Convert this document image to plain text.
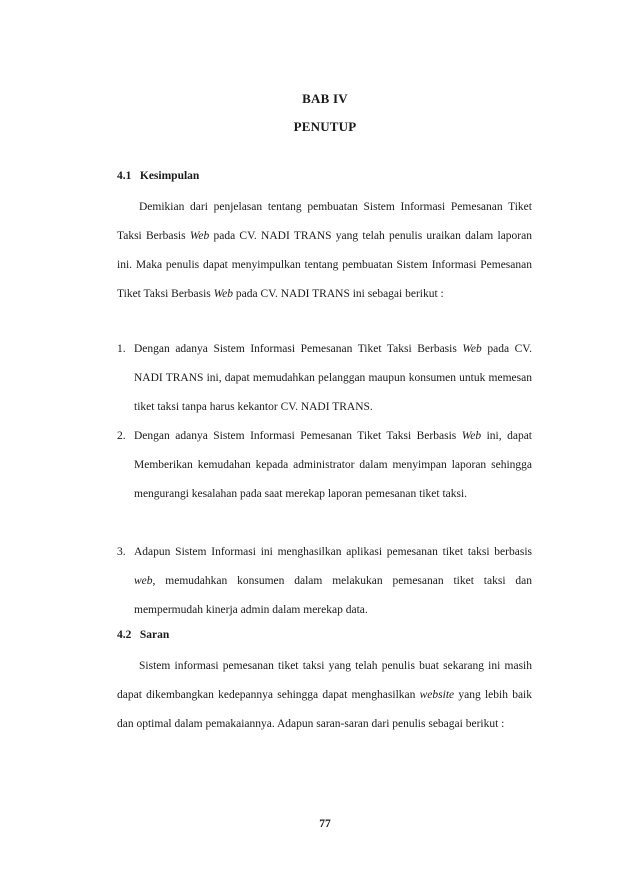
BAB IV
PENUTUP
4.1 Kesimpulan
Demikian dari penjelasan tentang pembuatan Sistem Informasi Pemesanan Tiket Taksi Berbasis Web pada CV. NADI TRANS yang telah penulis uraikan dalam laporan ini. Maka penulis dapat menyimpulkan tentang pembuatan Sistem Informasi Pemesanan Tiket Taksi Berbasis Web pada CV. NADI TRANS ini sebagai berikut :
1. Dengan adanya Sistem Informasi Pemesanan Tiket Taksi Berbasis Web pada CV. NADI TRANS ini, dapat memudahkan pelanggan maupun konsumen untuk memesan tiket taksi tanpa harus kekantor CV. NADI TRANS.
2. Dengan adanya Sistem Informasi Pemesanan Tiket Taksi Berbasis Web ini, dapat Memberikan kemudahan kepada administrator dalam menyimpan laporan sehingga mengurangi kesalahan pada saat merekap laporan pemesanan tiket taksi.
3. Adapun Sistem Informasi ini menghasilkan aplikasi pemesanan tiket taksi berbasis web, memudahkan konsumen dalam melakukan pemesanan tiket taksi dan mempermudah kinerja admin dalam merekap data.
4.2 Saran
Sistem informasi pemesanan tiket taksi yang telah penulis buat sekarang ini masih dapat dikembangkan kedepannya sehingga dapat menghasilkan website yang lebih baik dan optimal dalam pemakaiannya. Adapun saran-saran dari penulis sebagai berikut :
77
